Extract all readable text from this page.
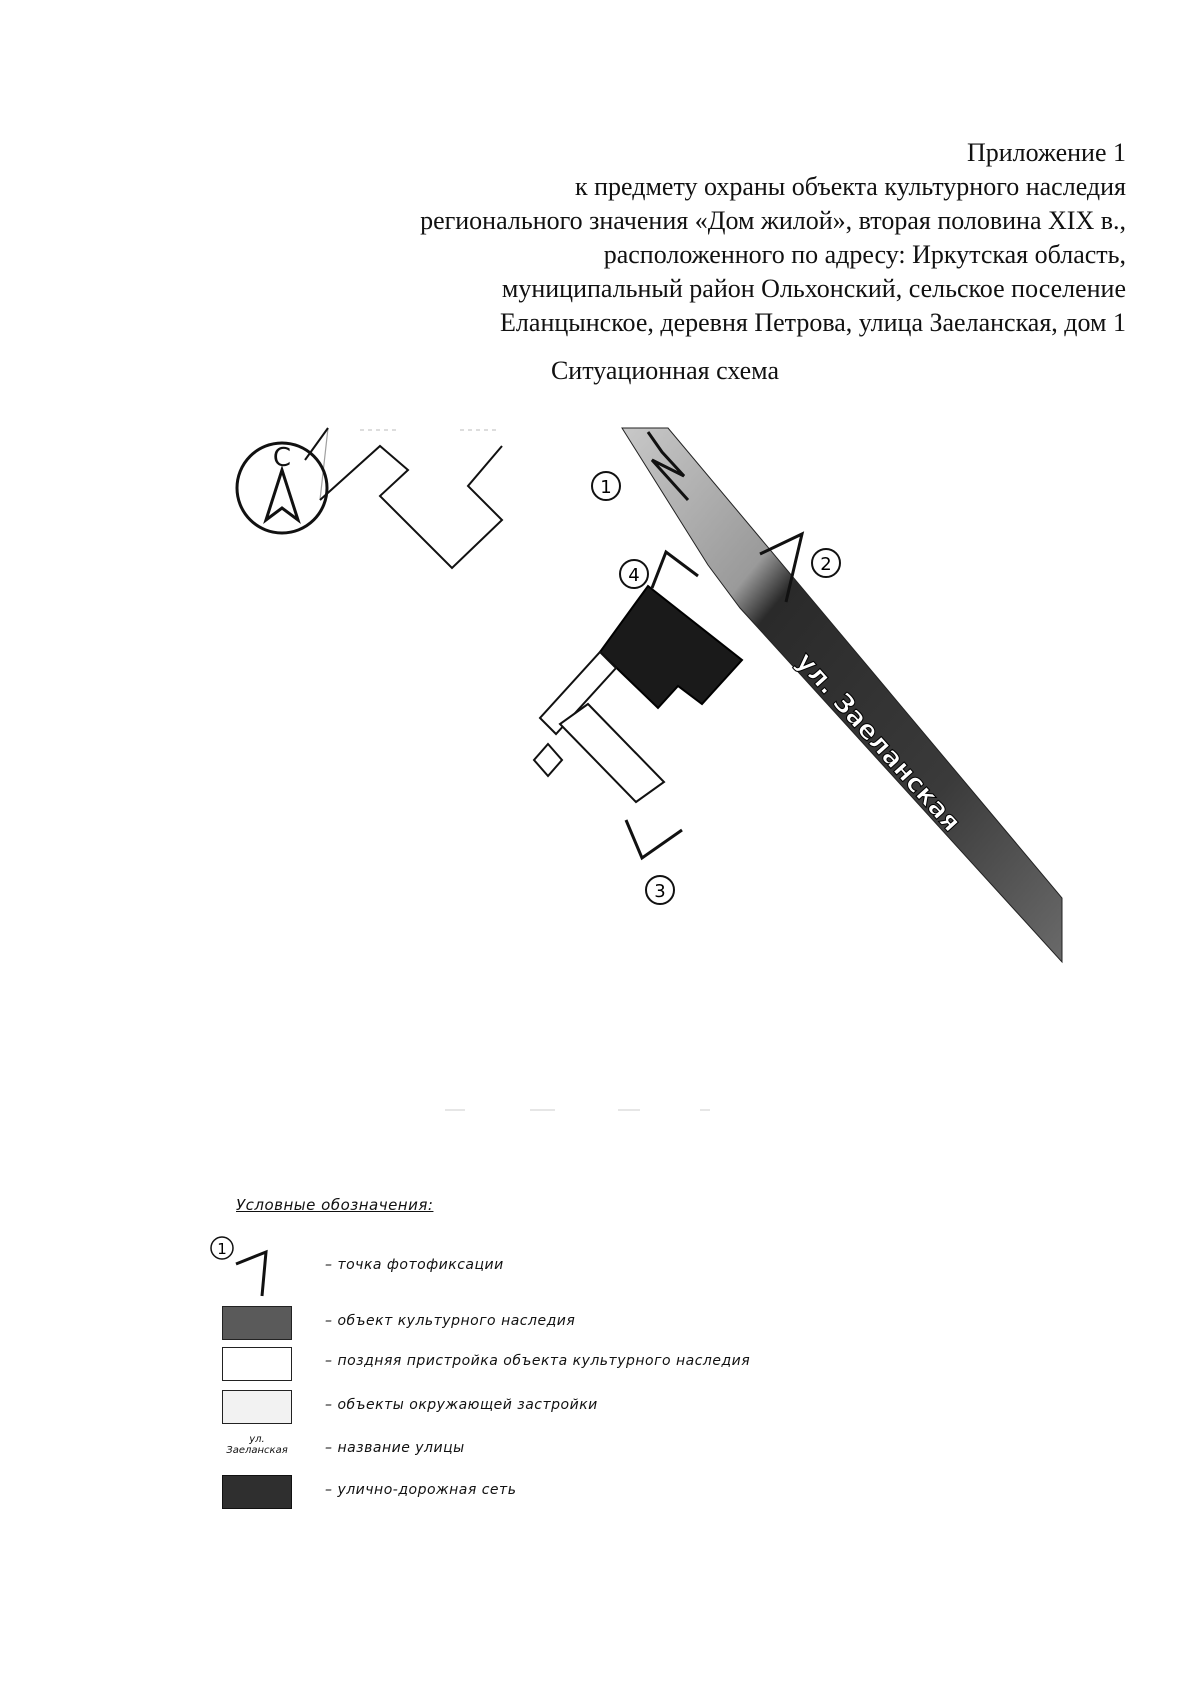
Приложение 1
к предмету охраны объекта культурного наследия
регионального значения «Дом жилой», вторая половина XIX в.,
расположенного по адресу: Иркутская область,
муниципальный район Ольхонский, сельское поселение
Еланцынское, деревня Петрова, улица Заеланская, дом 1
Ситуационная схема
С
ул. Заеланская
1
2
3
4
1
Условные обозначения:
– точка фотофиксации
– объект культурного наследия
– поздняя пристройка объекта культурного наследия
– объекты окружающей застройки
ул.
Заеланская	– название улицы
– улично-дорожная сеть
